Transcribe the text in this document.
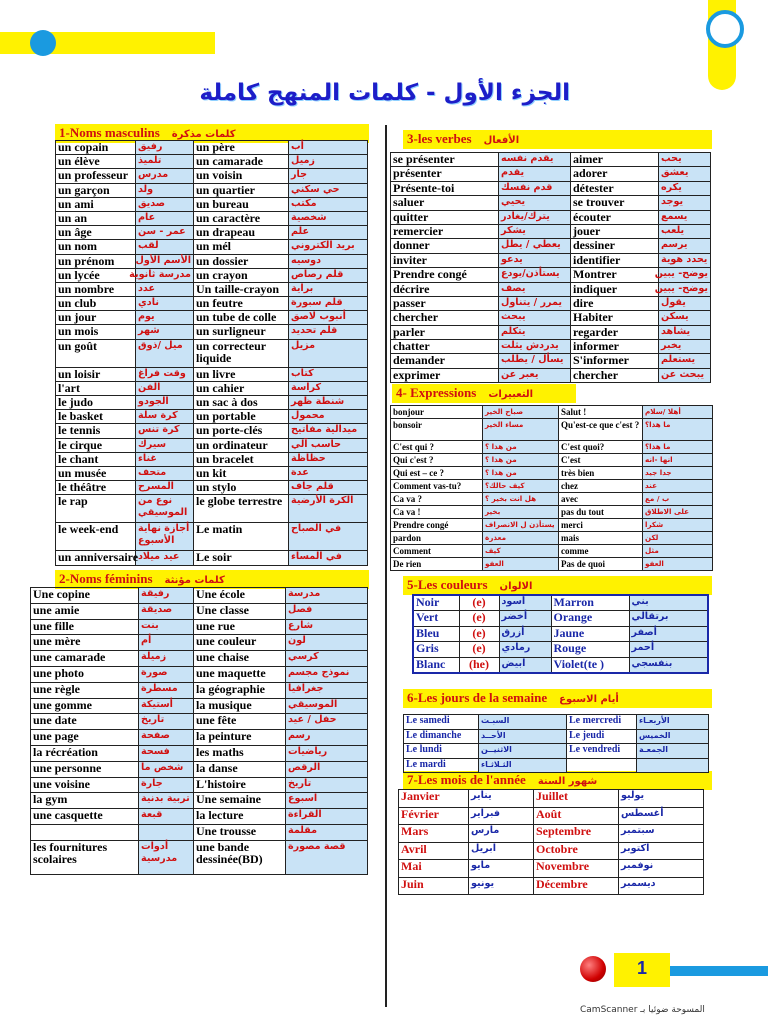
الجزء الأول - كلمات المنهج كاملة
1-Noms masculins كلمات مذكرة
2-Noms féminins كلمات مؤنثة
3-les verbes الأفعال
4- Expressions التعبيرات
5-Les couleurs الالوان
6-Les jours de la semaine أيام الاسبوع
7-Les mois de l'année شهور السنة
un copain	رفيق	un père	أب
un élève	تلميذ	un camarade	زميل
un professeur	مدرس	un voisin	جار
un garçon	ولد	un quartier	حي سكني
un ami	صديق	un bureau	مكتب
un an	عام	un caractère	شخصية
un âge	عمر - سن	un drapeau	علم
un nom	لقب	un mél	بريد الكتروني
un prénom	الأسم الأول	un dossier	دوسيه
un lycée	مدرسة ثانوية	un crayon	قلم رصاص
un nombre	عدد	Un taille-crayon	براية
un club	نادي	un feutre	قلم سبورة
un jour	يوم	un tube de colle	أنبوب لاصق
un mois	شهر	un surligneur	قلم تحديد
un goût	ميل /ذوق	un correcteur liquide	مزيل
un loisir	وقت فراغ	un livre	كتاب
l'art	الفن	un cahier	كراسة
le judo	الجودو	un sac à dos	شنطة ظهر
le basket	كرة سلة	un portable	محمول
le tennis	كرة تنس	un porte-clés	ميدالية مفاتيح
le cirque	سيرك	un ordinateur	حاسب آلي
le chant	غناء	un bracelet	حظاظة
un musée	متحف	un kit	عدة
le théâtre	المسرح	un stylo	قلم جاف
le rap	نوع من الموسيقي	le globe terrestre	الكرة الأرضية
le week-end	أجازة نهاية الأسبوع	Le matin	في الصباح
un anniversaire	عيد ميلاد	Le soir	في المساء
Une copine	رفيقة	Une école	مدرسة
une amie	صديقة	Une classe	فصل
une fille	بنت	une rue	شارع
une mère	أم	une couleur	لون
une camarade	زميلة	une chaise	كرسي
une photo	صورة	une maquette	نموذج مجسم
une règle	مسطرة	la géographie	جغرافيا
une gomme	أستيكة	la musique	الموسيقي
une date	تاريخ	une fête	حفل / عيد
une page	صفحة	la peinture	رسم
la récréation	فسحة	les maths	رياضيات
une personne	شخص ما	la danse	الرقص
une voisine	جارة	L'histoire	تاريخ
la gym	تربية بدنية	Une semaine	اسبوع
une casquette	قبعة	la lecture	القراءة
		Une trousse	مقلمة
les fournitures scolaires	أدوات مدرسية	une bande dessinée(BD)	قصة مصورة
se présenter	يقدم نفسه	aimer	يحب
présenter	يقدم	adorer	يعشق
Présente-toi	قدم نفسك	détester	يكره
saluer	يحيي	se trouver	يوجد
quitter	يترك/يغادر	écouter	يسمع
remercier	يشكر	jouer	يلعب
donner	يعطي / يطل	dessiner	يرسم
inviter	يدعو	identifier	يحدد هوية
Prendre congé	يستأذن/يودع	Montrer	يوضح- يبين
décrire	يصف	indiquer	يوضح- يبين
passer	يمرر / يتناول	dire	يقول
chercher	يبحث	Habiter	يسكن
parler	يتكلم	regarder	يشاهد
chatter	يدردش يثلت	informer	يخبر
demander	يسأل / يطلب	S'informer	يستعلم
exprimer	يعبر عن	chercher	يبحث عن
bonjour	صباح الخير	Salut !	أهلا /سلام
bonsoir	مساء الخير	Qu'est-ce que c'est ?	ما هذا؟
C'est qui ?	من هذا ؟	C'est quoi?	ما هذا؟
Qui c'est ?	من هذا ؟	C'est	انها -انه
Qui est – ce ?	من هذا ؟	très bien	جدا جيد
Comment vas-tu?	كيف حالك؟	chez	عند
Ca va ?	هل انت بخير ؟	avec	ب / مع
Ca va !	بخير	pas du tout	على الاطلاق
Prendre congé	يستأذن ل الانصراف	merci	شكرا
pardon	معذرة	mais	لكن
Comment	كيف	comme	مثل
De rien	العفو	Pas de quoi	العفو
Noir	(e)	أسود	Marron	بني
Vert	(e)	أخضر	Orange	برتقالي
Bleu	(e)	أزرق	Jaune	أصفر
Gris	(e)	رمادي	Rouge	أحمر
Blanc	(he)	ابيض	Violet(te )	بنفسجي
Le samedi	السبـت	Le mercredi	الأربعـاء
Le dimanche	الأحــد	Le jeudi	الخميس
Le lundi	الاثنيــن	Le vendredi	الجمعـة
Le mardi	الثـلاثـاء		
Janvier	يناير	Juillet	يوليو
Février	فبراير	Août	أغسطس
Mars	مارس	Septembre	سبتمبر
Avril	ابريل	Octobre	اكتوبر
Mai	مايو	Novembre	نوفمبر
Juin	يونيو	Décembre	ديسمبر
1
المسوحة ضوئيا بـ CamScanner
